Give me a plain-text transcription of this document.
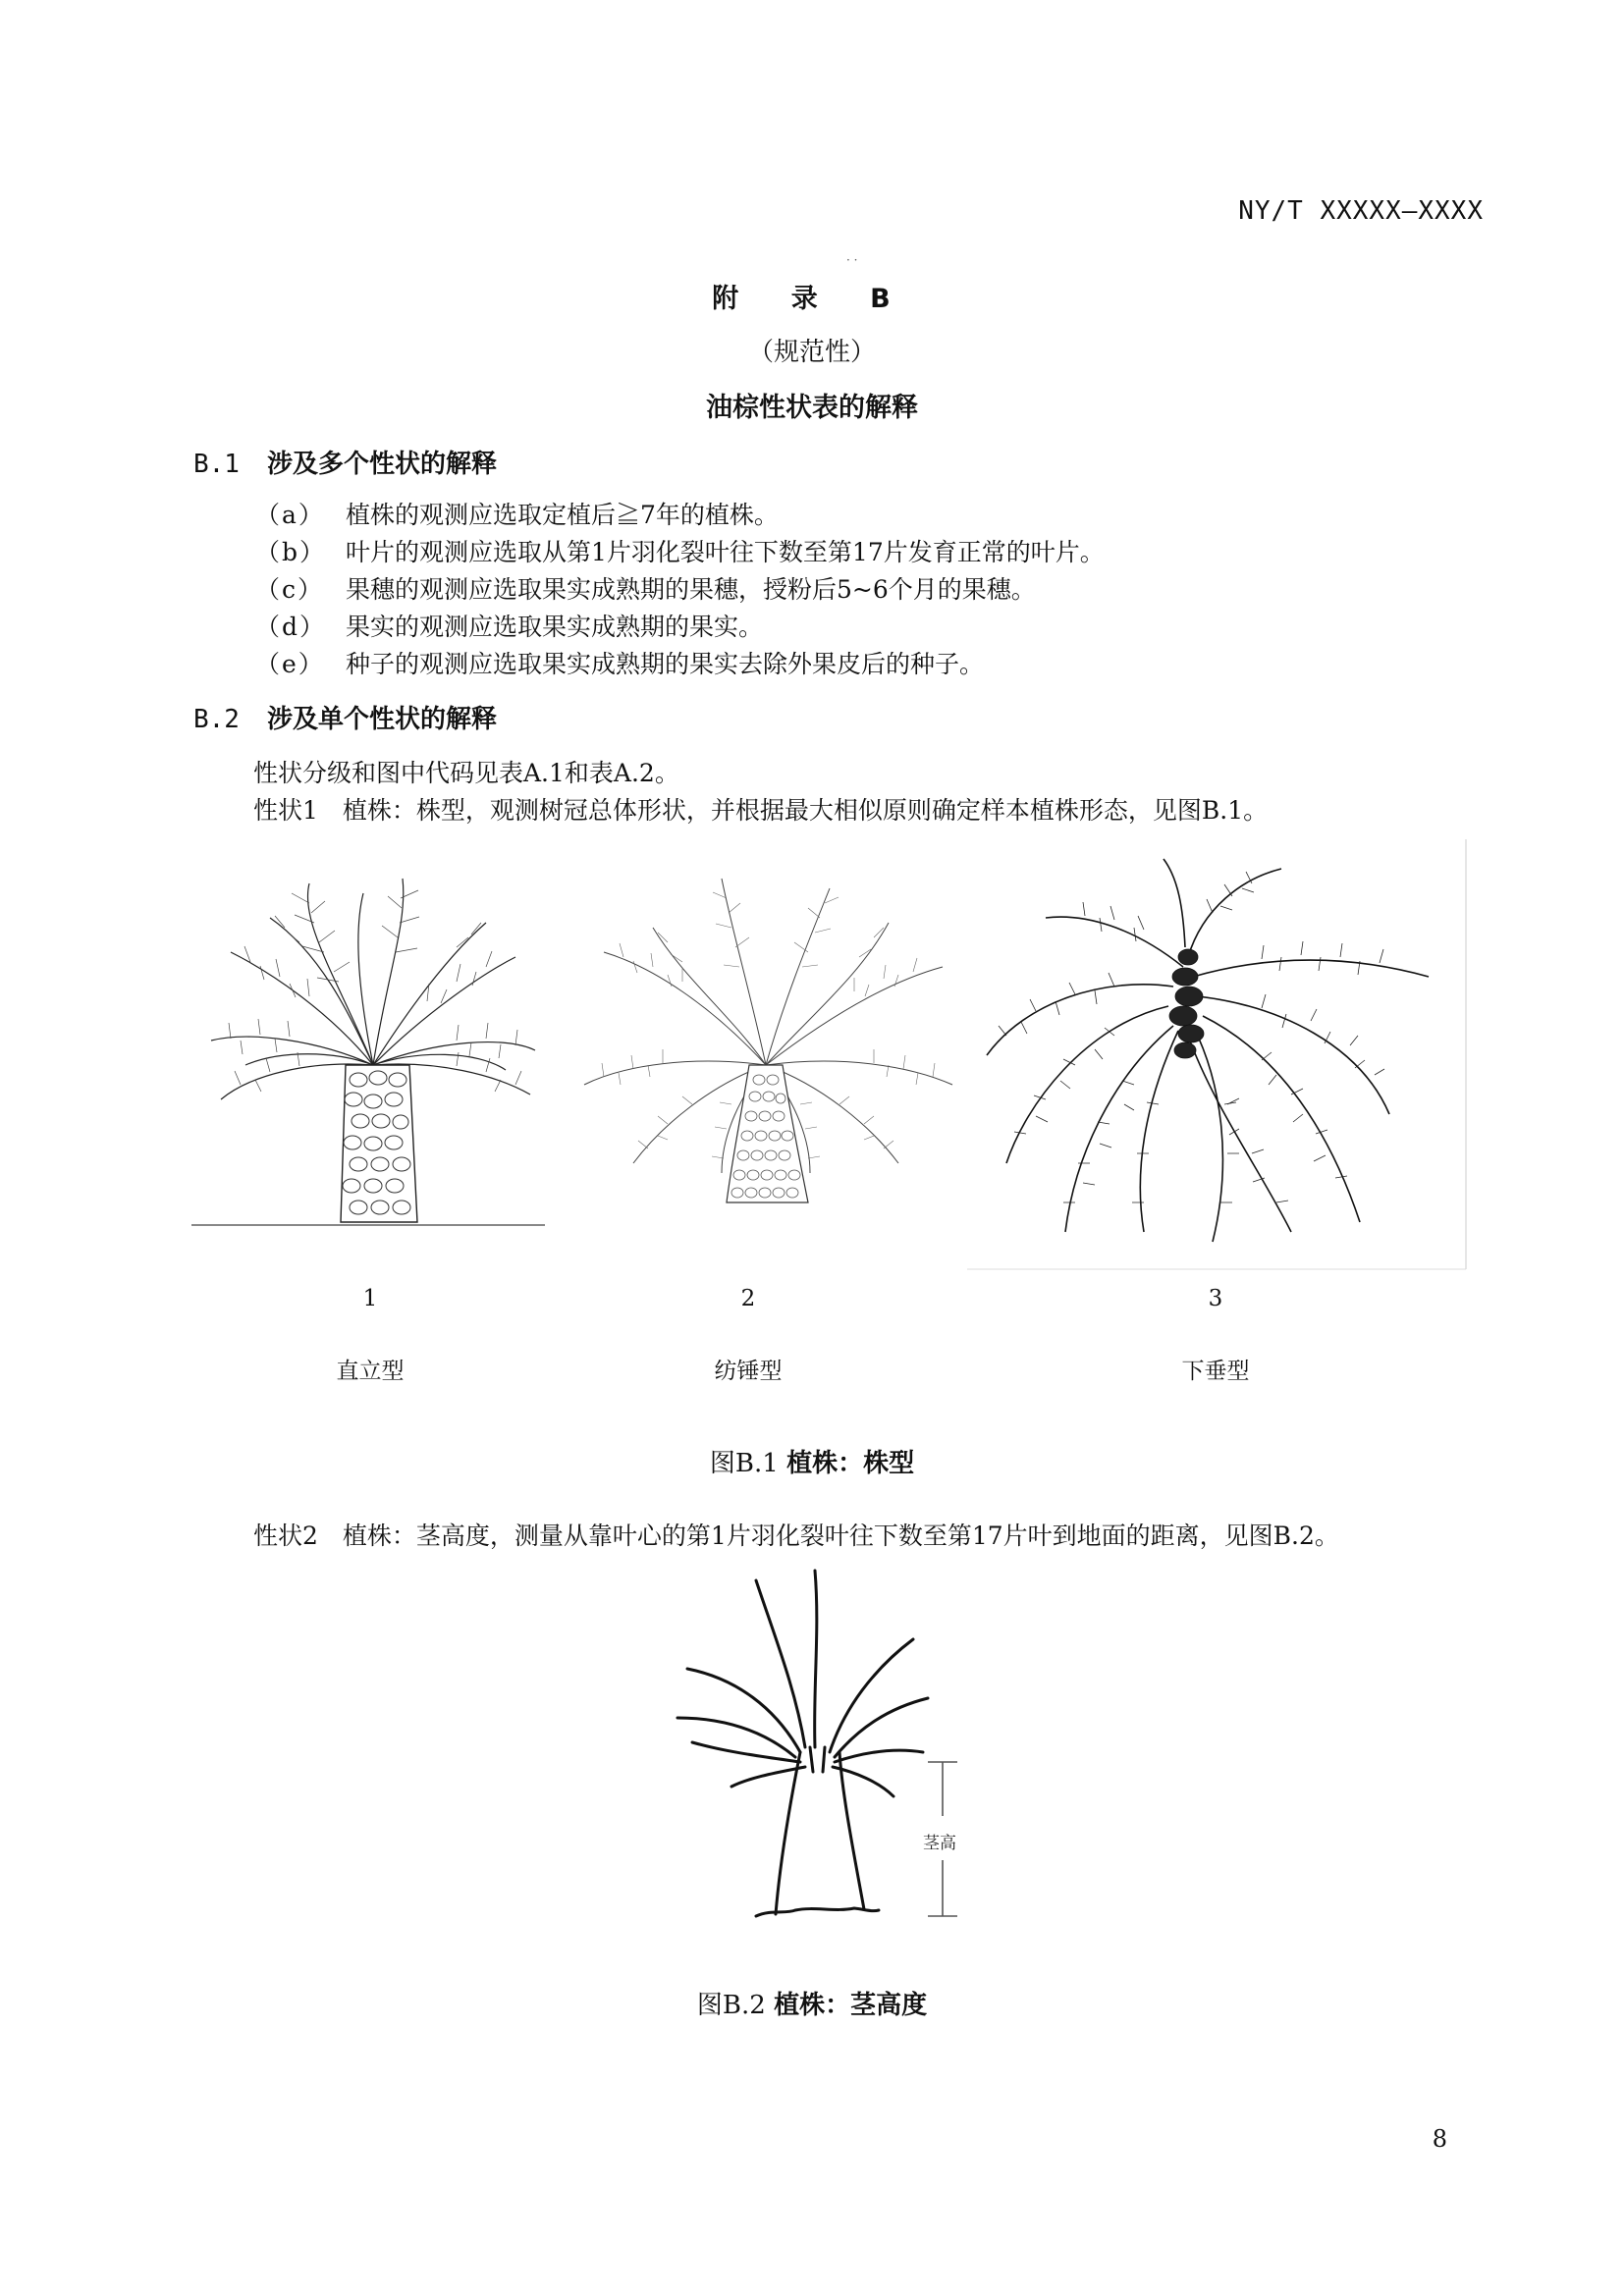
NY/T XXXXX—XXXX
· ·
附 录 B
（规范性）
油棕性状表的解释
B.1 涉及多个性状的解释
（a） 植株的观测应选取定植后≧7年的植株。
（b） 叶片的观测应选取从第1片羽化裂叶往下数至第17片发育正常的叶片。
（c） 果穗的观测应选取果实成熟期的果穗，授粉后5~6个月的果穗。
（d） 果实的观测应选取果实成熟期的果实。
（e） 种子的观测应选取果实成熟期的果实去除外果皮后的种子。
B.2 涉及单个性状的解释
性状分级和图中代码见表A.1和表A.2。
性状1　植株：株型，观测树冠总体形状，并根据最大相似原则确定样本植株形态，见图B.1。
1	2	3
直立型	纺锤型	下垂型
图B.1 植株：株型
性状2　植株：茎高度，测量从靠叶心的第1片羽化裂叶往下数至第17片叶到地面的距离，见图B.2。
茎高
图B.2 植株：茎高度
8
